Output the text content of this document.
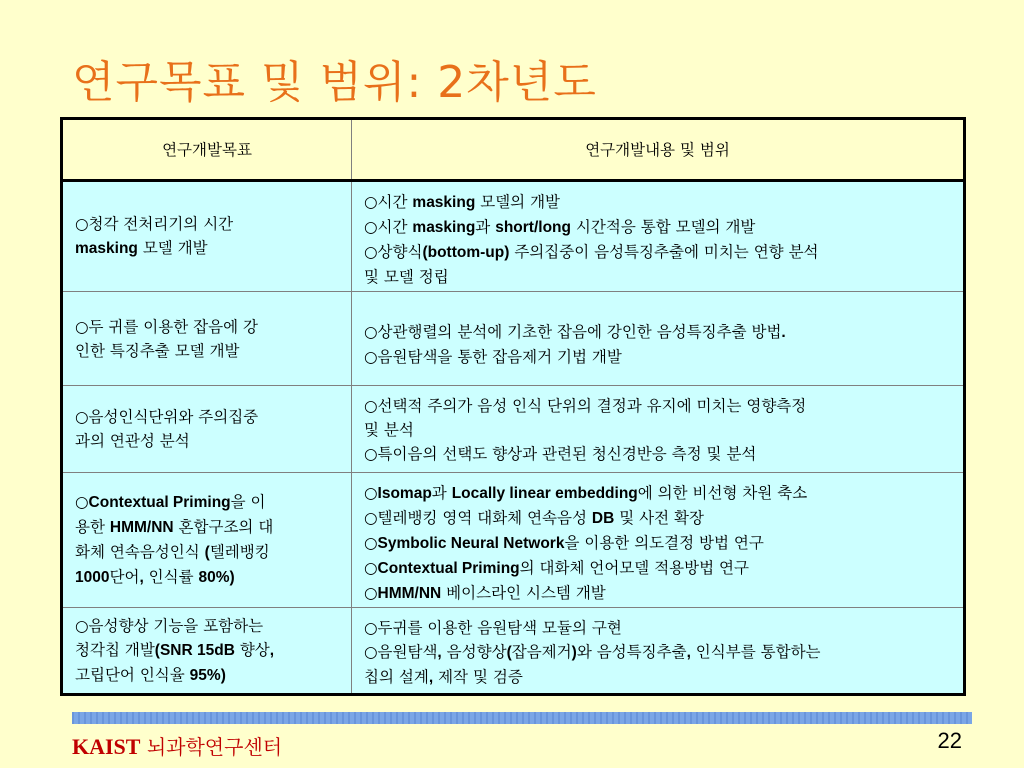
연구목표 및 범위: 2차년도
연구개발목표	연구개발내용 및 범위

○청각 전처리기의 시간
masking 모델 개발	○시간 masking 모델의 개발
○시간 masking과 short/long 시간적응 통합 모델의 개발
○상향식(bottom-up) 주의집중이 음성특징추출에 미치는 연향 분석
및 모델 정립

○두 귀를 이용한 잡음에 강
인한 특징추출 모델 개발	○상관행렬의 분석에 기초한 잡음에 강인한 음성특징추출 방법.
○음원탐색을 통한 잡음제거 기법 개발

○음성인식단위와 주의집중
과의 연관성 분석	○선택적 주의가 음성 인식 단위의 결정과 유지에 미치는 영향측정
및 분석
○특이음의 선택도 향상과 관련된 청신경반응 측정 및 분석

○Contextual Priming을 이
용한 HMM/NN 혼합구조의 대
화체 연속음성인식 (텔레뱅킹
1000단어, 인식률 80%)	○Isomap과 Locally linear embedding에 의한 비선형 차원 축소
○텔레뱅킹 영역 대화체 연속음성 DB 및 사전 확장
○Symbolic Neural Network을 이용한 의도결정 방법 연구
○Contextual Priming의 대화체 언어모델 적용방법 연구
○HMM/NN 베이스라인 시스템 개발

○음성향상 기능을 포함하는
청각칩 개발(SNR 15dB 향상,
고립단어 인식율 95%)	○두귀를 이용한 음원탐색 모듈의 구현
○음원탐색, 음성향상(잡음제거)와 음성특징추출, 인식부를 통합하는
칩의 설계, 제작 및 검증
KAIST 뇌과학연구센터	22
